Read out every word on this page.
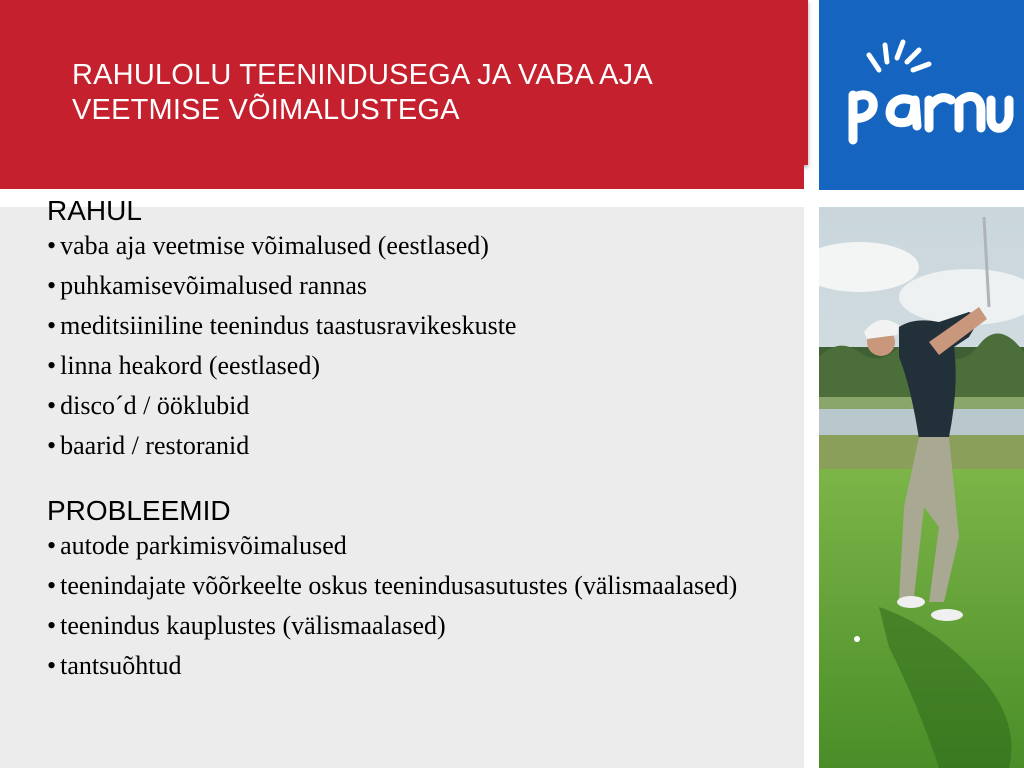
RAHULOLU TEENINDUSEGA JA VABA AJA
VEETMISE VÕIMALUSTEGA
pärnu
RAHUL
• vaba aja veetmise võimalused (eestlased)
• puhkamisevõimalused rannas
• meditsiiniline teenindus taastusravikeskuste
• linna heakord (eestlased)
• disco´d / ööklubid
• baarid / restoranid
PROBLEEMID
• autode parkimisvõimalused
• teenindajate võõrkeelte oskus teenindusasutustes (välismaalased)
• teenindus kauplustes (välismaalased)
• tantsuõhtud
